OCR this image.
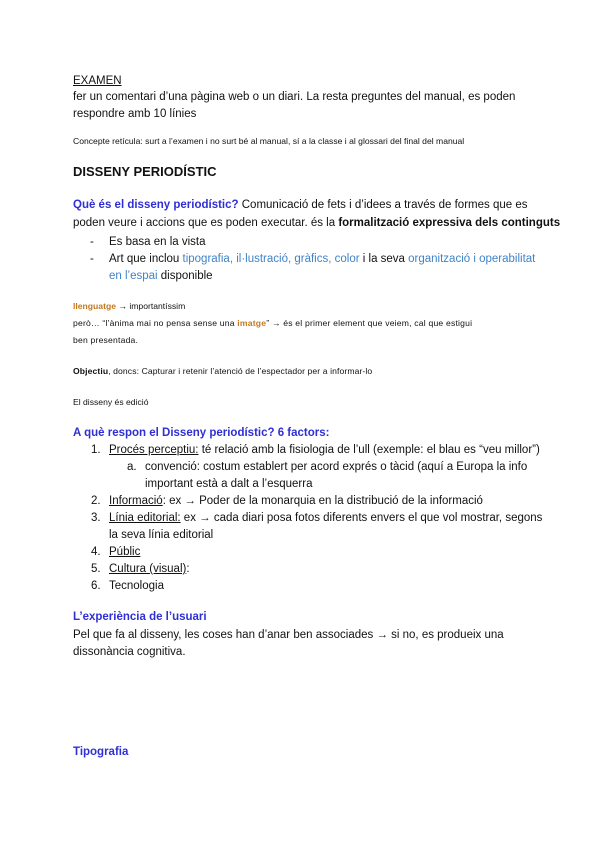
EXAMEN
fer un comentari d’una pàgina web o un diari. La resta preguntes del manual, es poden
respondre amb 10 línies
Concepte retícula: surt a l’examen i no surt bé al manual, sí a la classe i al glossari del final del manual
DISSENY PERIODÍSTIC
Què és el disseny periodístic? Comunicació de fets i d’idees a través de formes que es
poden veure i accions que es poden executar. és la formalització expressiva dels continguts
- Es basa en la vista
- Art que inclou tipografia, il·lustració, gràfics, color i la seva organització i operabilitat
en l’espai disponible
llenguatge → importantíssim
però… “l’ànima mai no pensa sense una imatge” → és el primer element que veiem, cal que estigui
ben presentada.
Objectiu, doncs: Capturar i retenir l’atenció de l’espectador per a informar-lo
El disseny és edició
A què respon el Disseny periodístic? 6 factors:
1. Procés perceptiu: té relació amb la fisiologia de l’ull (exemple: el blau es “veu millor”)
a. convenció: costum establert per acord exprés o tàcid (aquí a Europa la info
important està a dalt a l’esquerra
2. Informació: ex → Poder de la monarquia en la distribució de la informació
3. Línia editorial: ex → cada diari posa fotos diferents envers el que vol mostrar, segons
la seva línia editorial
4. Públic
5. Cultura (visual):
6. Tecnologia
L’experiència de l’usuari
Pel que fa al disseny, les coses han d’anar ben associades → si no, es produeix una
dissonància cognitiva.
Tipografia
